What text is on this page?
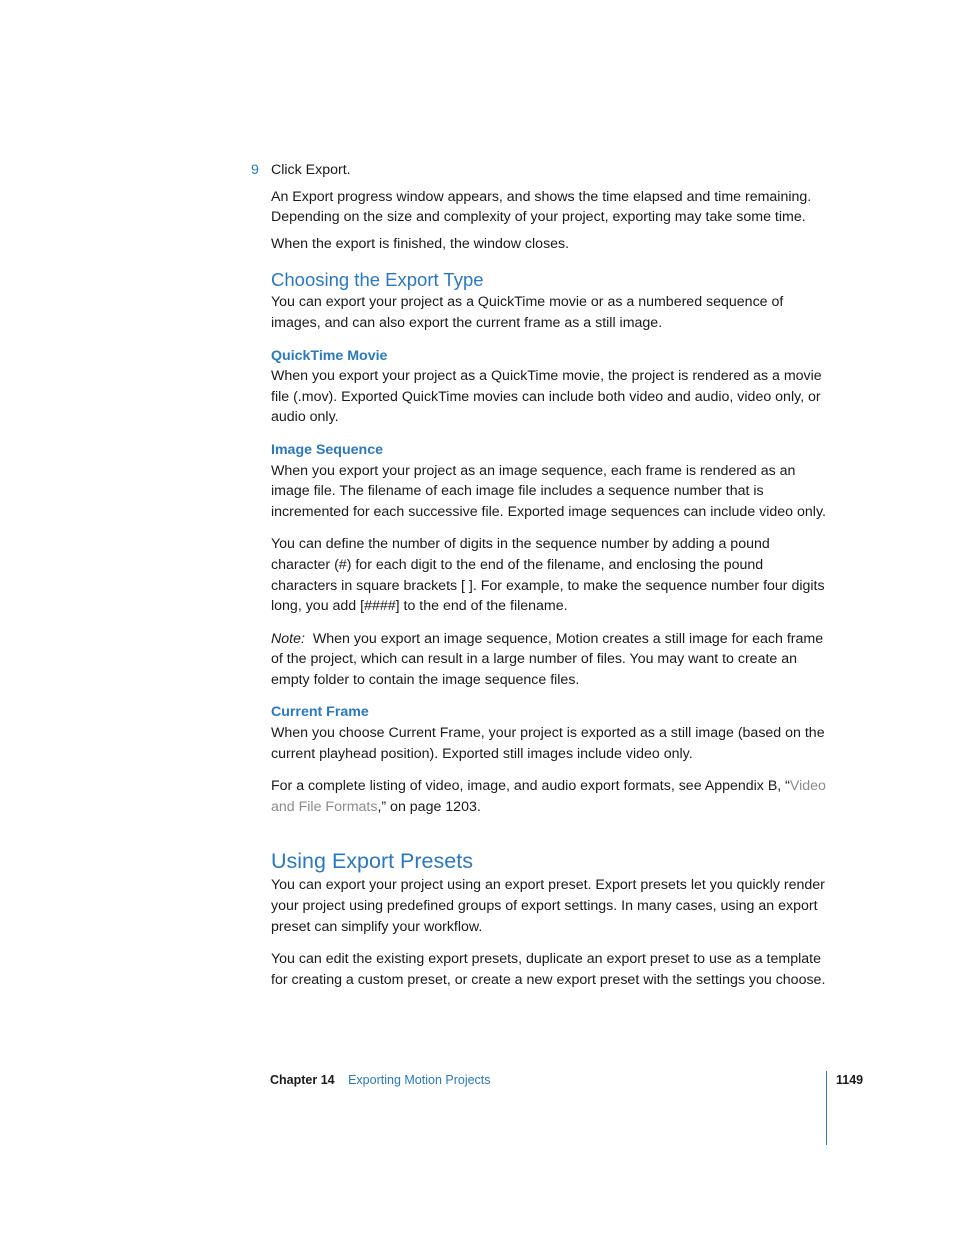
9 Click Export.

An Export progress window appears, and shows the time elapsed and time remaining. Depending on the size and complexity of your project, exporting may take some time.

When the export is finished, the window closes.

Choosing the Export Type

You can export your project as a QuickTime movie or as a numbered sequence of images, and can also export the current frame as a still image.

QuickTime Movie

When you export your project as a QuickTime movie, the project is rendered as a movie file (.mov). Exported QuickTime movies can include both video and audio, video only, or audio only.

Image Sequence

When you export your project as an image sequence, each frame is rendered as an image file. The filename of each image file includes a sequence number that is incremented for each successive file. Exported image sequences can include video only.

You can define the number of digits in the sequence number by adding a pound character (#) for each digit to the end of the filename, and enclosing the pound characters in square brackets [ ]. For example, to make the sequence number four digits long, you add [####] to the end of the filename.

Note: When you export an image sequence, Motion creates a still image for each frame of the project, which can result in a large number of files. You may want to create an empty folder to contain the image sequence files.

Current Frame

When you choose Current Frame, your project is exported as a still image (based on the current playhead position). Exported still images include video only.

For a complete listing of video, image, and audio export formats, see Appendix B, “Video and File Formats,” on page 1203.

Using Export Presets

You can export your project using an export preset. Export presets let you quickly render your project using predefined groups of export settings. In many cases, using an export preset can simplify your workflow.

You can edit the existing export presets, duplicate an export preset to use as a template for creating a custom preset, or create a new export preset with the settings you choose.

Chapter 14 Exporting Motion Projects	1149
